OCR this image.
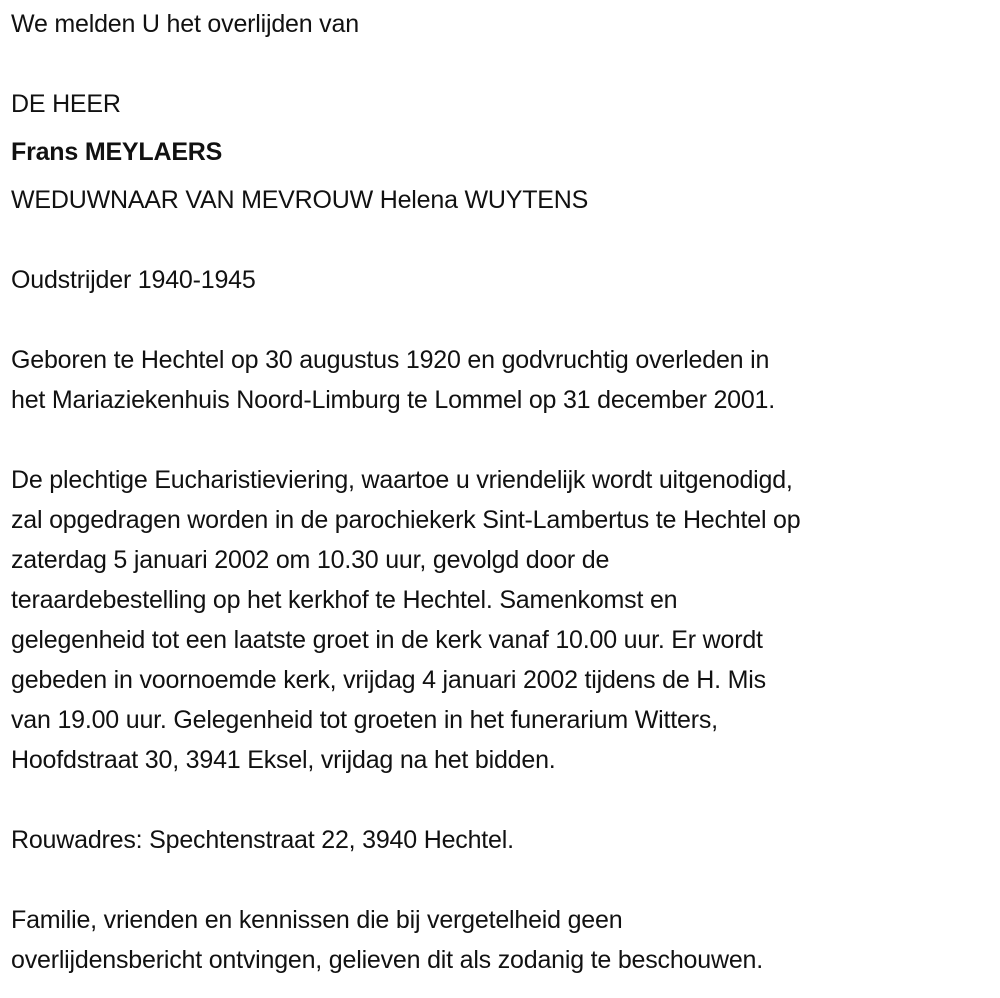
We melden U het overlijden van
DE HEER
Frans MEYLAERS
WEDUWNAAR VAN MEVROUW Helena WUYTENS
Oudstrijder 1940-1945
Geboren te Hechtel op 30 augustus 1920 en godvruchtig overleden in
het Mariaziekenhuis Noord-Limburg te Lommel op 31 december 2001.
De plechtige Eucharistieviering, waartoe u vriendelijk wordt uitgenodigd,
zal opgedragen worden in de parochiekerk Sint-Lambertus te Hechtel op
zaterdag 5 januari 2002 om 10.30 uur, gevolgd door de
teraardebestelling op het kerkhof te Hechtel. Samenkomst en
gelegenheid tot een laatste groet in de kerk vanaf 10.00 uur. Er wordt
gebeden in voornoemde kerk, vrijdag 4 januari 2002 tijdens de H. Mis
van 19.00 uur. Gelegenheid tot groeten in het funerarium Witters,
Hoofdstraat 30, 3941 Eksel, vrijdag na het bidden.
Rouwadres: Spechtenstraat 22, 3940 Hechtel.
Familie, vrienden en kennissen die bij vergetelheid geen
overlijdensbericht ontvingen, gelieven dit als zodanig te beschouwen.
